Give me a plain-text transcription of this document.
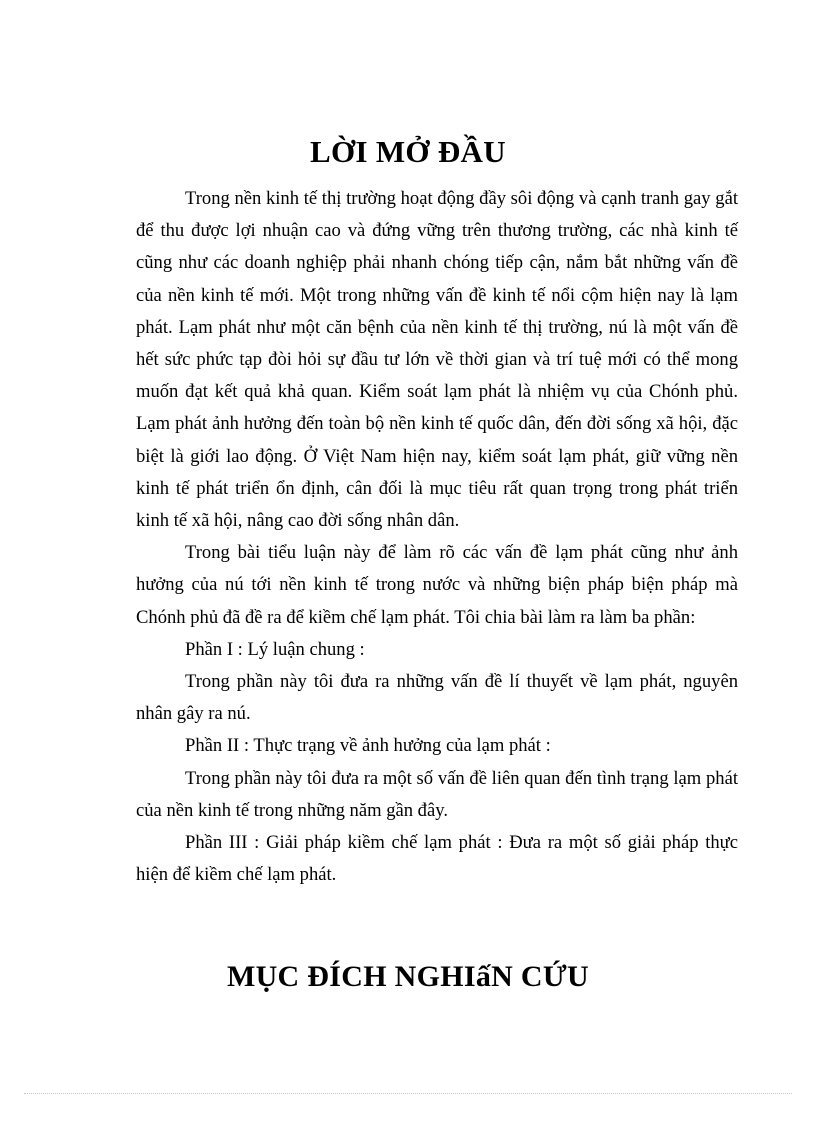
LỜI MỞ ĐẦU

Trong nền kinh tế thị trường hoạt động đầy sôi động và cạnh tranh gay gắt để thu được lợi nhuận cao và đứng vững trên thương trường, các nhà kinh tế cũng như các doanh nghiệp phải nhanh chóng tiếp cận, nắm bắt những vấn đề của nền kinh tế mới. Một trong những vấn đề kinh tế nổi cộm hiện nay là lạm phát. Lạm phát như một căn bệnh của nền kinh tế thị trường, nú là một vấn đề hết sức phức tạp đòi hỏi sự đầu tư lớn về thời gian và trí tuệ mới có thể mong muốn đạt kết quả khả quan. Kiểm soát lạm phát là nhiệm vụ của Chónh phủ. Lạm phát ảnh hưởng đến toàn bộ nền kinh tế quốc dân, đến đời sống xã hội, đặc biệt là giới lao động. Ở Việt Nam hiện nay, kiểm soát lạm phát, giữ vững nền kinh tế phát triển ổn định, cân đối là mục tiêu rất quan trọng trong phát triển kinh tế xã hội, nâng cao đời sống nhân dân.

Trong bài tiểu luận này để làm rõ các vấn đề lạm phát cũng như ảnh hưởng của nú tới nền kinh tế trong nước và những biện pháp biện pháp mà Chónh phủ đã đề ra để kiềm chế lạm phát. Tôi chia bài làm ra làm ba phần:

Phần I : Lý luận chung :

Trong phần này tôi đưa ra những vấn đề lí thuyết về lạm phát, nguyên nhân gây ra nú.

Phần II : Thực trạng về ảnh hưởng của lạm phát :

Trong phần này tôi đưa ra một số vấn đề liên quan đến tình trạng lạm phát của nền kinh tế trong những năm gần đây.

Phần III : Giải pháp kiềm chế lạm phát : Đưa ra một số giải pháp thực hiện để kiềm chế lạm phát.

MỤC ĐÍCH NGHIấN CỨU
